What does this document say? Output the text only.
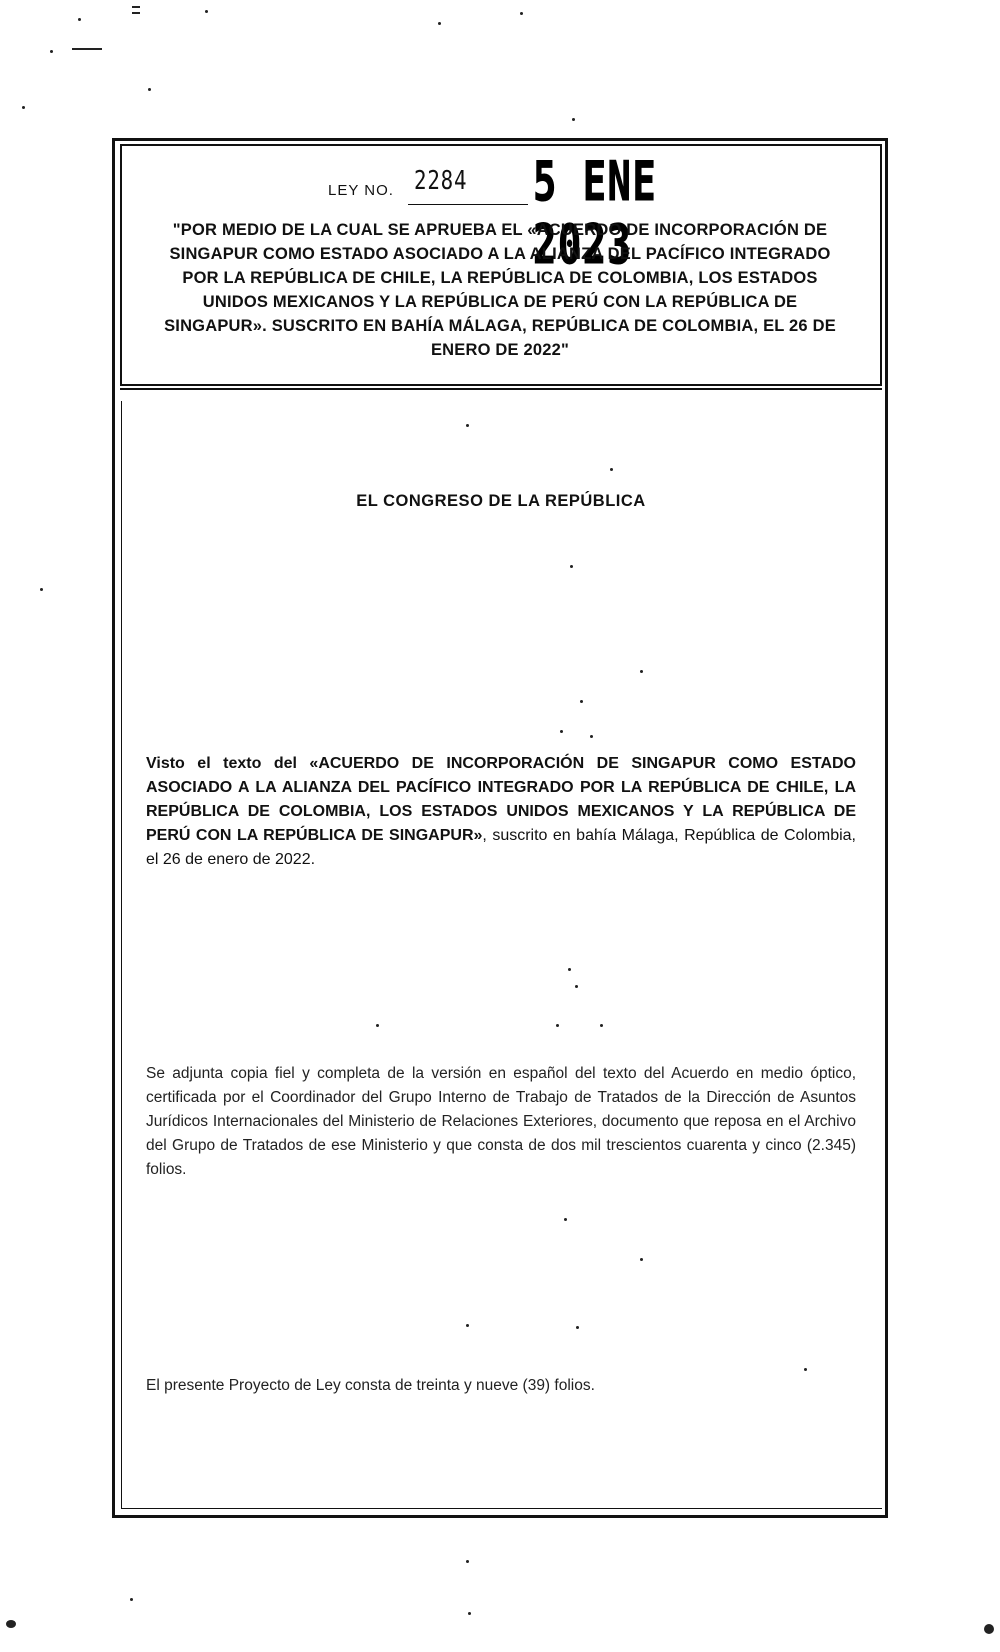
LEY NO. 2284 5 ENE 2023

"POR MEDIO DE LA CUAL SE APRUEBA EL «ACUERDO DE INCORPORACIÓN DE SINGAPUR COMO ESTADO ASOCIADO A LA ALIANZA DEL PACÍFICO INTEGRADO POR LA REPÚBLICA DE CHILE, LA REPÚBLICA DE COLOMBIA, LOS ESTADOS UNIDOS MEXICANOS Y LA REPÚBLICA DE PERÚ CON LA REPÚBLICA DE SINGAPUR». SUSCRITO EN BAHÍA MÁLAGA, REPÚBLICA DE COLOMBIA, EL 26 DE ENERO DE 2022"

EL CONGRESO DE LA REPÚBLICA

Visto el texto del «ACUERDO DE INCORPORACIÓN DE SINGAPUR COMO ESTADO ASOCIADO A LA ALIANZA DEL PACÍFICO INTEGRADO POR LA REPÚBLICA DE CHILE, LA REPÚBLICA DE COLOMBIA, LOS ESTADOS UNIDOS MEXICANOS Y LA REPÚBLICA DE PERÚ CON LA REPÚBLICA DE SINGAPUR», suscrito en bahía Málaga, República de Colombia, el 26 de enero de 2022.

Se adjunta copia fiel y completa de la versión en español del texto del Acuerdo en medio óptico, certificada por el Coordinador del Grupo Interno de Trabajo de Tratados de la Dirección de Asuntos Jurídicos Internacionales del Ministerio de Relaciones Exteriores, documento que reposa en el Archivo del Grupo de Tratados de ese Ministerio y que consta de dos mil trescientos cuarenta y cinco (2.345) folios.

El presente Proyecto de Ley consta de treinta y nueve (39) folios.
